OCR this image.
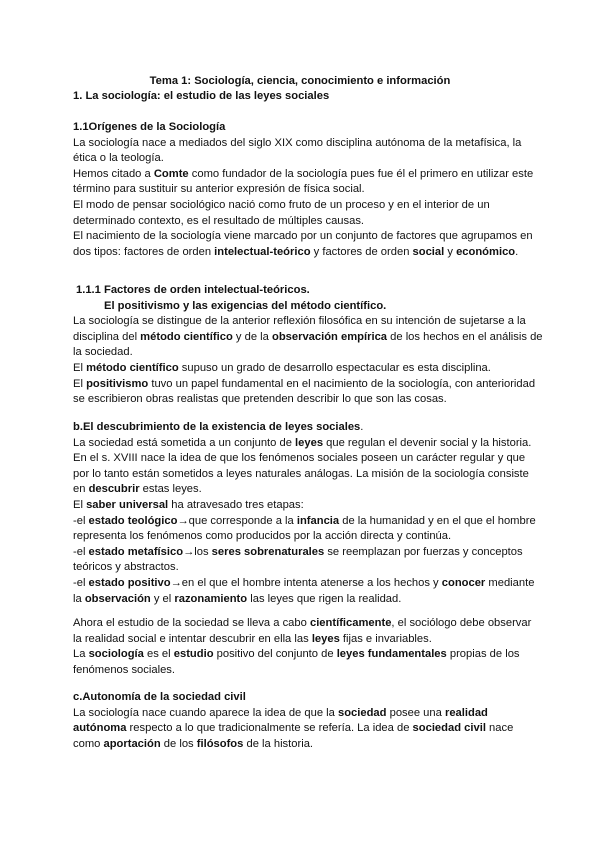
Tema 1: Sociología, ciencia, conocimiento e información

1. La sociología: el estudio de las leyes sociales

1.1Orígenes de la Sociología

La sociología nace a mediados del siglo XIX como disciplina autónoma de la metafísica, la ética o la teología.

Hemos citado a Comte como fundador de la sociología pues fue él el primero en utilizar este término para sustituir su anterior expresión de física social.

El modo de pensar sociológico nació como fruto de un proceso y en el interior de un determinado contexto, es el resultado de múltiples causas.

El nacimiento de la sociología viene marcado por un conjunto de factores que agrupamos en dos tipos: factores de orden intelectual-teórico y factores de orden social y económico.

1.1.1 Factores de orden intelectual-teóricos.

El positivismo y las exigencias del método científico.

La sociología se distingue de la anterior reflexión filosófica en su intención de sujetarse a la disciplina del método científico y de la observación empírica de los hechos en el análisis de la sociedad.

El método científico supuso un grado de desarrollo espectacular es esta disciplina.

El positivismo tuvo un papel fundamental en el nacimiento de la sociología, con anterioridad se escribieron obras realistas que pretenden describir lo que son las cosas.

b.El descubrimiento de la existencia de leyes sociales.

La sociedad está sometida a un conjunto de leyes que regulan el devenir social y la historia.

En el s. XVIII nace la idea de que los fenómenos sociales poseen un carácter regular y que por lo tanto están sometidos a leyes naturales análogas. La misión de la sociología consiste en descubrir estas leyes.

El saber universal ha atravesado tres etapas:

-el estado teológico→que corresponde a la infancia de la humanidad y en el que el hombre representa los fenómenos como producidos por la acción directa y continúa.

-el estado metafísico→los seres sobrenaturales se reemplazan por fuerzas y conceptos teóricos y abstractos.

-el estado positivo→en el que el hombre intenta atenerse a los hechos y conocer mediante la observación y el razonamiento las leyes que rigen la realidad.

Ahora el estudio de la sociedad se lleva a cabo científicamente, el sociólogo debe observar la realidad social e intentar descubrir en ella las leyes fijas e invariables.

La sociología es el estudio positivo del conjunto de leyes fundamentales propias de los fenómenos sociales.

c.Autonomía de la sociedad civil

La sociología nace cuando aparece la idea de que la sociedad posee una realidad autónoma respecto a lo que tradicionalmente se refería. La idea de sociedad civil nace como aportación de los filósofos de la historia.
